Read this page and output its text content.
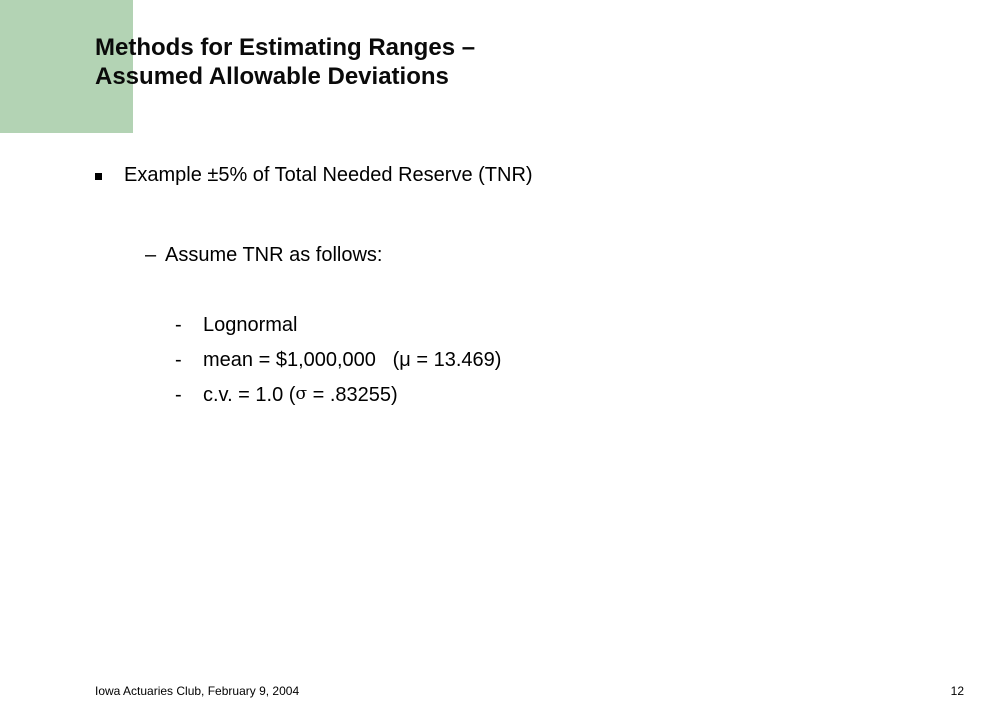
Methods for Estimating Ranges –
Assumed Allowable Deviations
Example ±5% of Total Needed Reserve (TNR)
– Assume TNR as follows:
-	Lognormal
-	mean = $1,000,000   (μ = 13.469)
-	c.v. = 1.0 ( σ = .83255)
Iowa Actuaries Club, February 9, 2004	12
